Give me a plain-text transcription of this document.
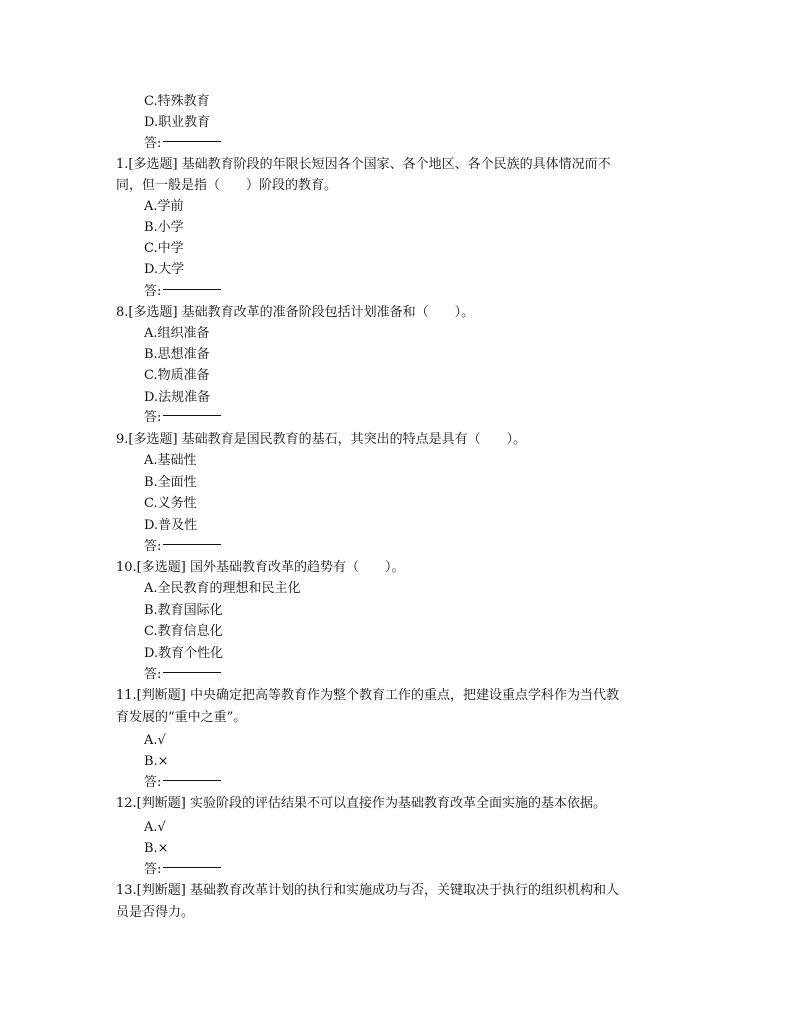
C.特殊教育
D.职业教育
答:
1.[多选题] 基础教育阶段的年限长短因各个国家、各个地区、各个民族的具体情况而不
同，但一般是指（　　）阶段的教育。
A.学前
B.小学
C.中学
D.大学
答:
8.[多选题] 基础教育改革的准备阶段包括计划准备和（　　）。
A.组织准备
B.思想准备
C.物质准备
D.法规准备
答:
9.[多选题] 基础教育是国民教育的基石，其突出的特点是具有（　　）。
A.基础性
B.全面性
C.义务性
D.普及性
答:
10.[多选题] 国外基础教育改革的趋势有（　　）。
A.全民教育的理想和民主化
B.教育国际化
C.教育信息化
D.教育个性化
答:
11.[判断题] 中央确定把高等教育作为整个教育工作的重点，把建设重点学科作为当代教
育发展的“重中之重”。
A.√
B.×
答:
12.[判断题] 实验阶段的评估结果不可以直接作为基础教育改革全面实施的基本依据。
A.√
B.×
答:
13.[判断题] 基础教育改革计划的执行和实施成功与否，关键取决于执行的组织机构和人
员是否得力。
